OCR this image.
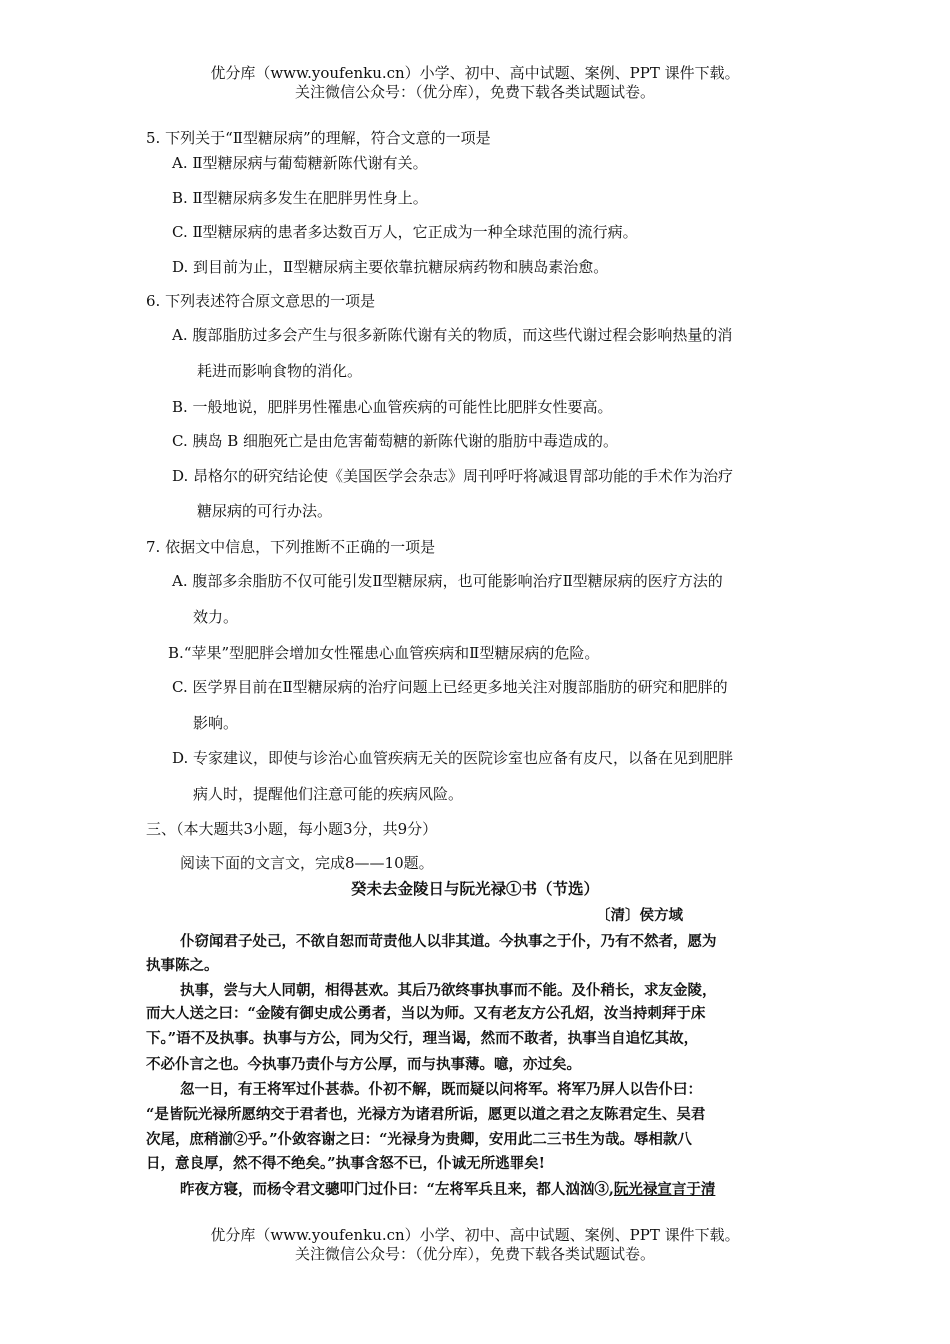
优分库（www.youfenku.cn）小学、初中、高中试题、案例、PPT 课件下载。
关注微信公众号：（优分库），免费下载各类试题试卷。
5. 下列关于“Ⅱ型糖尿病”的理解，符合文意的一项是
A. Ⅱ型糖尿病与葡萄糖新陈代谢有关。
B. Ⅱ型糖尿病多发生在肥胖男性身上。
C. Ⅱ型糖尿病的患者多达数百万人，它正成为一种全球范围的流行病。
D. 到目前为止，Ⅱ型糖尿病主要依靠抗糖尿病药物和胰岛素治愈。
6. 下列表述符合原文意思的一项是
A. 腹部脂肪过多会产生与很多新陈代谢有关的物质，而这些代谢过程会影响热量的消
耗进而影响食物的消化。
B. 一般地说，肥胖男性罹患心血管疾病的可能性比肥胖女性要高。
C. 胰岛 B 细胞死亡是由危害葡萄糖的新陈代谢的脂肪中毒造成的。
D. 昂格尔的研究结论使《美国医学会杂志》周刊呼吁将减退胃部功能的手术作为治疗
糖尿病的可行办法。
7. 依据文中信息，下列推断不正确的一项是
A. 腹部多余脂肪不仅可能引发Ⅱ型糖尿病，也可能影响治疗Ⅱ型糖尿病的医疗方法的
效力。
B.“苹果”型肥胖会增加女性罹患心血管疾病和Ⅱ型糖尿病的危险。
C. 医学界目前在Ⅱ型糖尿病的治疗问题上已经更多地关注对腹部脂肪的研究和肥胖的
影响。
D. 专家建议，即使与诊治心血管疾病无关的医院诊室也应备有皮尺，以备在见到肥胖
病人时，提醒他们注意可能的疾病风险。
三、（本大题共3小题，每小题3分，共9分）
阅读下面的文言文，完成8——10题。
癸未去金陵日与阮光禄①书（节选）
〔清〕侯方域
仆窃闻君子处己，不欲自恕而苛责他人以非其道。今执事之于仆，乃有不然者，愿为
执事陈之。
执事，尝与大人同朝，相得甚欢。其后乃欲终事执事而不能。及仆稍长，求友金陵，
而大人送之曰：“金陵有御史成公勇者，当以为师。又有老友方公孔炤，汝当持刺拜于床
下。”语不及执事。执事与方公，同为父行，理当谒，然而不敢者，执事当自追忆其故，
不必仆言之也。今执事乃责仆与方公厚，而与执事薄。噫，亦过矣。
忽一日，有王将军过仆甚恭。仆初不解，既而疑以问将军。将军乃屏人以告仆曰：
“是皆阮光禄所愿纳交于君者也，光禄方为诸君所诟，愿更以道之君之友陈君定生、吴君
次尾，庶稍湔②乎。”仆敛容谢之曰：“光禄身为贵卿，安用此二三书生为哉。辱相款八
日，意良厚，然不得不绝矣。”执事含怒不已，仆诚无所逃罪矣!
昨夜方寝，而杨令君文骢叩门过仆曰：“左将军兵且来，都人汹汹③,阮光禄宣言于清
优分库（www.youfenku.cn）小学、初中、高中试题、案例、PPT 课件下载。
关注微信公众号：（优分库），免费下载各类试题试卷。
